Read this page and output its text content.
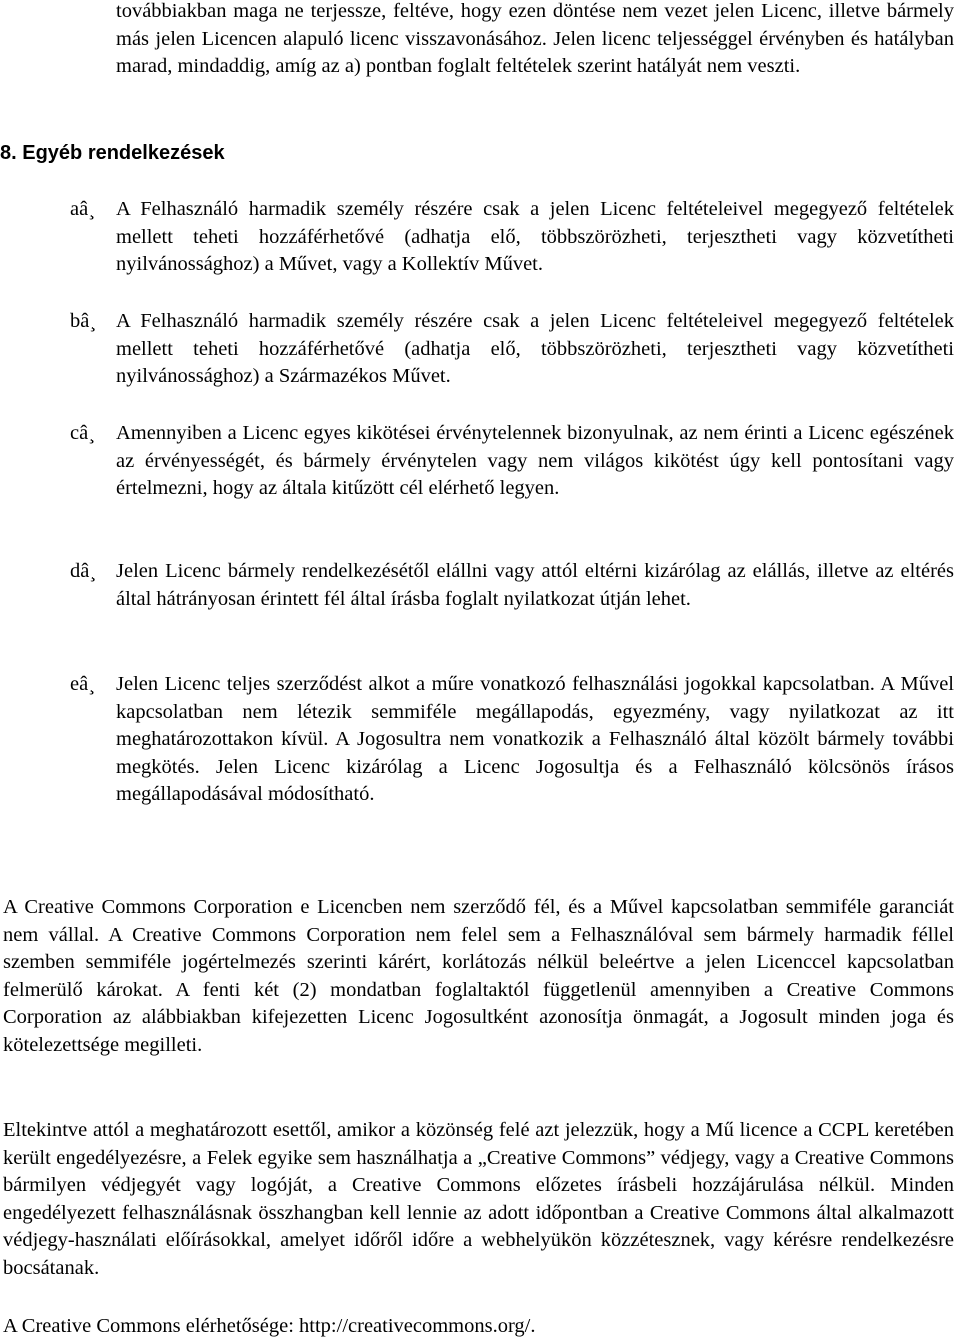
továbbiakban maga ne terjessze, feltéve, hogy ezen döntése nem vezet jelen Licenc, illetve bármely más jelen Licencen alapuló licenc visszavonásához. Jelen licenc teljességgel érvényben és hatályban marad, mindaddig, amíg az a) pontban foglalt feltételek szerint hatályát nem veszti.

8. Egyéb rendelkezések
aâ¸	A Felhasználó harmadik személy részére csak a jelen Licenc feltételeivel megegyező feltételek mellett teheti hozzáférhetővé (adhatja elő, többszörözheti, terjesztheti vagy közvetítheti nyilvánossághoz) a Művet, vagy a Kollektív Művet.

bâ¸ A Felhasználó harmadik személy részére csak a jelen Licenc feltételeivel megegyező feltételek mellett teheti hozzáférhetővé (adhatja elő, többszörözheti, terjesztheti vagy közvetítheti nyilvánossághoz) a Származékos Művet.

câ¸	Amennyiben a Licenc egyes kikötései érvénytelennek bizonyulnak, az nem érinti a Licenc egészének az érvényességét, és bármely érvénytelen vagy nem világos kikötést úgy kell pontosítani vagy értelmezni, hogy az általa kitűzött cél elérhető legyen.

dâ¸ Jelen Licenc bármely rendelkezésétől elállni vagy attól eltérni kizárólag az elállás, illetve az eltérés által hátrányosan érintett fél által írásba foglalt nyilatkozat útján lehet.

eâ¸	Jelen Licenc teljes szerződést alkot a műre vonatkozó felhasználási jogokkal kapcsolatban. A Művel kapcsolatban nem létezik semmiféle megállapodás, egyezmény, vagy nyilatkozat az itt meghatározottakon kívül. A Jogosultra nem vonatkozik a Felhasználó által közölt bármely további megkötés. Jelen Licenc kizárólag a Licenc Jogosultja és a Felhasználó kölcsönös írásos megállapodásával módosítható.

A Creative Commons Corporation e Licencben nem szerződő fél, és a Művel kapcsolatban semmiféle garanciát nem vállal. A Creative Commons Corporation nem felel sem a Felhasználóval sem bármely harmadik féllel szemben semmiféle jogértelmezés szerinti kárért, korlátozás nélkül beleértve a jelen Licenccel kapcsolatban felmerülő károkat. A fenti két (2) mondatban foglaltaktól függetlenül amennyiben a Creative Commons Corporation az alábbiakban kifejezetten Licenc Jogosultként azonosítja önmagát, a Jogosult minden joga és kötelezettsége megilleti.

Eltekintve attól a meghatározott esettől, amikor a közönség felé azt jelezzük, hogy a Mű licence a CCPL keretében került engedélyezésre, a Felek egyike sem használhatja a „Creative Commons” védjegy, vagy a Creative Commons bármilyen védjegyét vagy logóját, a Creative Commons előzetes írásbeli hozzájárulása nélkül. Minden engedélyezett felhasználásnak összhangban kell lennie az adott időpontban a Creative Commons által alkalmazott védjegy-használati előírásokkal, amelyet időről időre a webhelyükön közzétesznek, vagy kérésre rendelkezésre bocsátanak.

A Creative Commons elérhetősége: http://creativecommons.org/.
